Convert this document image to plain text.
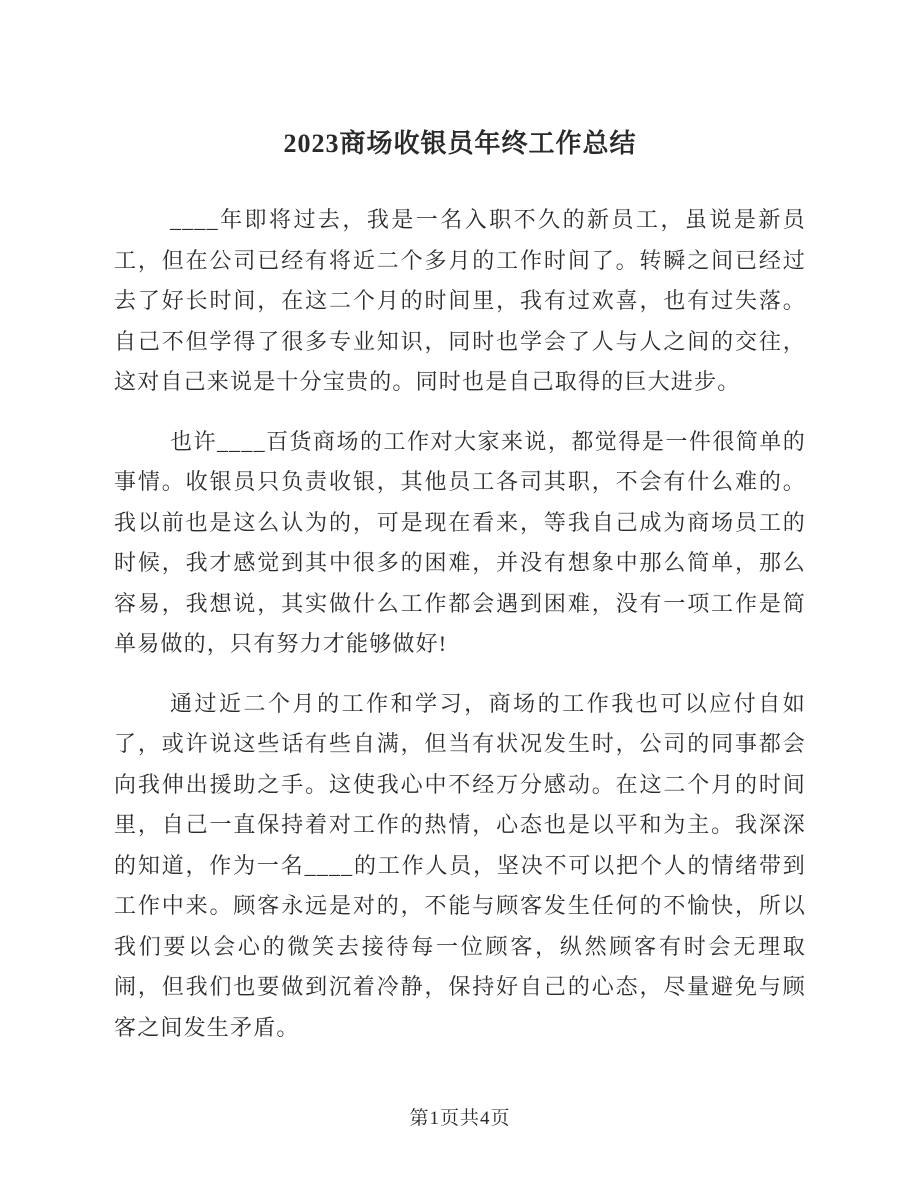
2023商场收银员年终工作总结

____年即将过去，我是一名入职不久的新员工，虽说是新员工，但在公司已经有将近二个多月的工作时间了。转瞬之间已经过去了好长时间，在这二个月的时间里，我有过欢喜，也有过失落。自己不但学得了很多专业知识，同时也学会了人与人之间的交往，这对自己来说是十分宝贵的。同时也是自己取得的巨大进步。

也许____百货商场的工作对大家来说，都觉得是一件很简单的事情。收银员只负责收银，其他员工各司其职，不会有什么难的。我以前也是这么认为的，可是现在看来，等我自己成为商场员工的时候，我才感觉到其中很多的困难，并没有想象中那么简单，那么容易，我想说，其实做什么工作都会遇到困难，没有一项工作是简单易做的，只有努力才能够做好!

通过近二个月的工作和学习，商场的工作我也可以应付自如了，或许说这些话有些自满，但当有状况发生时，公司的同事都会向我伸出援助之手。这使我心中不经万分感动。在这二个月的时间里，自己一直保持着对工作的热情，心态也是以平和为主。我深深的知道，作为一名____的工作人员，坚决不可以把个人的情绪带到工作中来。顾客永远是对的，不能与顾客发生任何的不愉快，所以我们要以会心的微笑去接待每一位顾客，纵然顾客有时会无理取闹，但我们也要做到沉着冷静，保持好自己的心态，尽量避免与顾客之间发生矛盾。

第1页共4页
